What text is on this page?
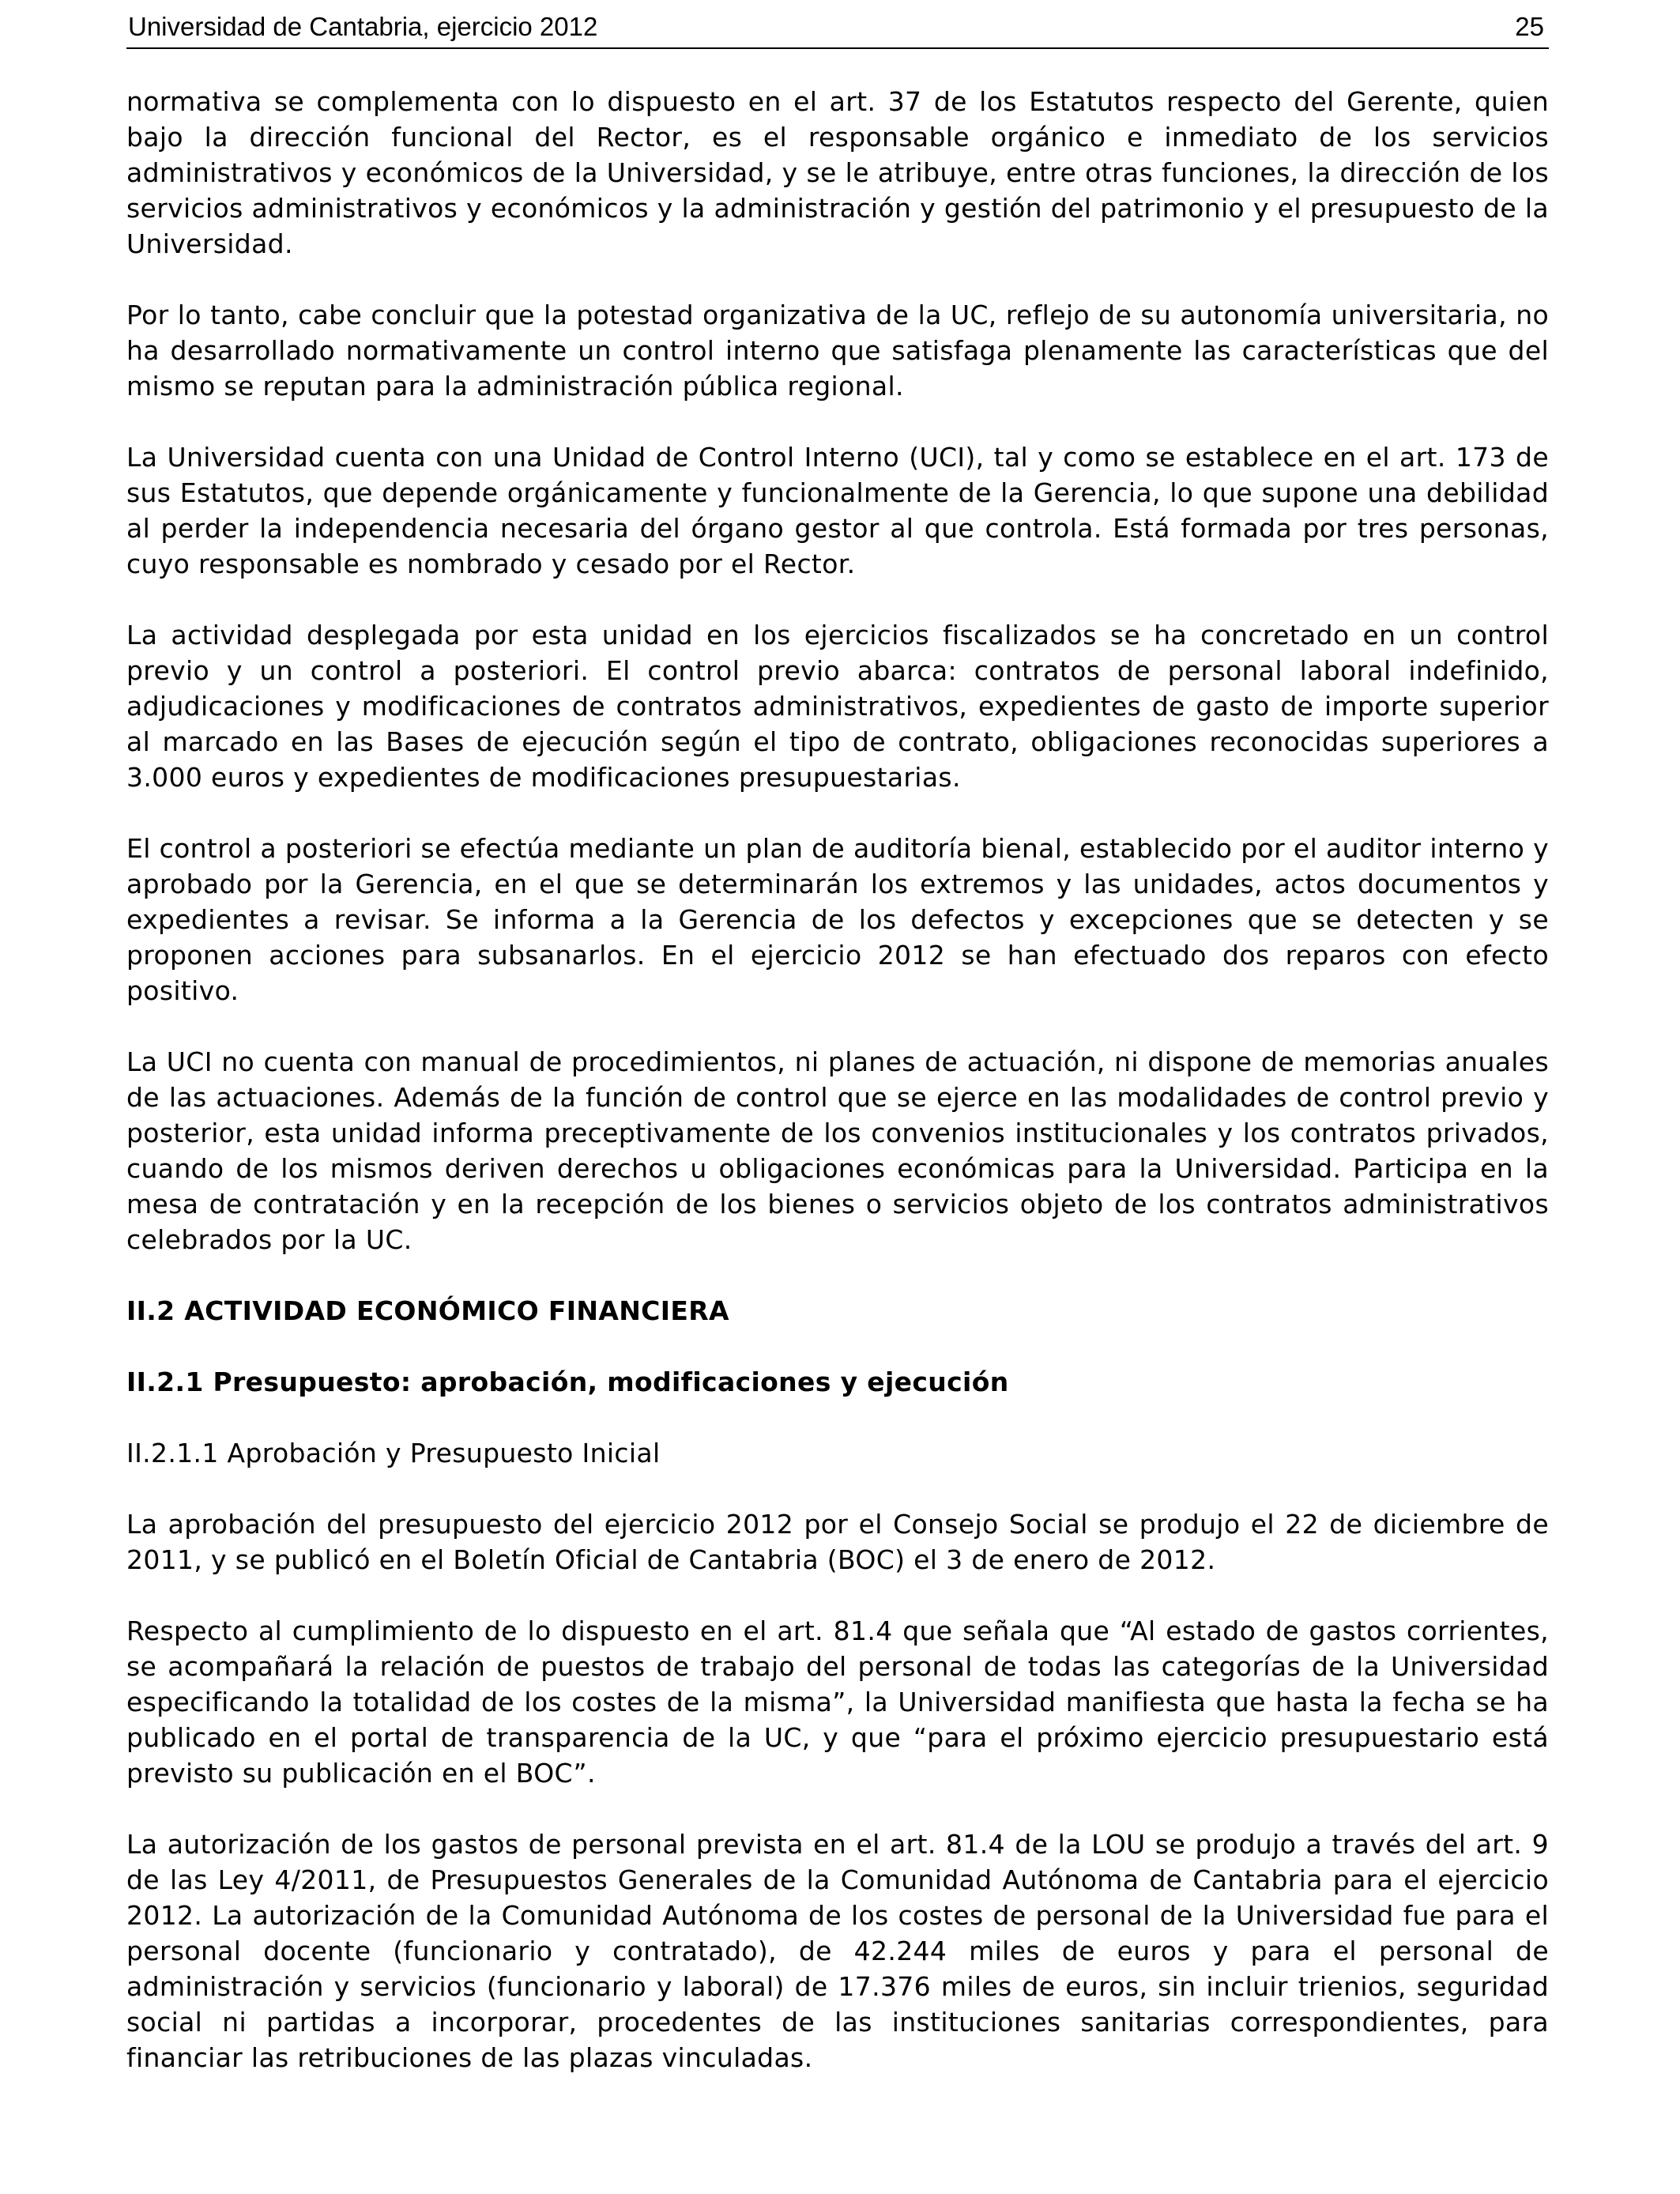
Universidad de Cantabria, ejercicio 2012	25

normativa se complementa con lo dispuesto en el art. 37 de los Estatutos respecto del Gerente, quien bajo la dirección funcional del Rector, es el responsable orgánico e inmediato de los servicios administrativos y económicos de la Universidad, y se le atribuye, entre otras funciones, la dirección de los servicios administrativos y económicos y la administración y gestión del patrimonio y el presupuesto de la Universidad.

Por lo tanto, cabe concluir que la potestad organizativa de la UC, reflejo de su autonomía universitaria, no ha desarrollado normativamente un control interno que satisfaga plenamente las características que del mismo se reputan para la administración pública regional.

La Universidad cuenta con una Unidad de Control Interno (UCI), tal y como se establece en el art. 173 de sus Estatutos, que depende orgánicamente y funcionalmente de la Gerencia, lo que supone una debilidad al perder la independencia necesaria del órgano gestor al que controla. Está formada por tres personas, cuyo responsable es nombrado y cesado por el Rector.

La actividad desplegada por esta unidad en los ejercicios fiscalizados se ha concretado en un control previo y un control a posteriori. El control previo abarca: contratos de personal laboral indefinido, adjudicaciones y modificaciones de contratos administrativos, expedientes de gasto de importe superior al marcado en las Bases de ejecución según el tipo de contrato, obligaciones reconocidas superiores a 3.000 euros y expedientes de modificaciones presupuestarias.

El control a posteriori se efectúa mediante un plan de auditoría bienal, establecido por el auditor interno y aprobado por la Gerencia, en el que se determinarán los extremos y las unidades, actos documentos y expedientes a revisar. Se informa a la Gerencia de los defectos y excepciones que se detecten y se proponen acciones para subsanarlos. En el ejercicio 2012 se han efectuado dos reparos con efecto positivo.

La UCI no cuenta con manual de procedimientos, ni planes de actuación, ni dispone de memorias anuales de las actuaciones. Además de la función de control que se ejerce en las modalidades de control previo y posterior, esta unidad informa preceptivamente de los convenios institucionales y los contratos privados, cuando de los mismos deriven derechos u obligaciones económicas para la Universidad. Participa en la mesa de contratación y en la recepción de los bienes o servicios objeto de los contratos administrativos celebrados por la UC.

II.2 ACTIVIDAD ECONÓMICO FINANCIERA
II.2.1 Presupuesto: aprobación, modificaciones y ejecución
II.2.1.1 Aprobación y Presupuesto Inicial

La aprobación del presupuesto del ejercicio 2012 por el Consejo Social se produjo el 22 de diciembre de 2011, y se publicó en el Boletín Oficial de Cantabria (BOC) el 3 de enero de 2012.

Respecto al cumplimiento de lo dispuesto en el art. 81.4 que señala que “Al estado de gastos corrientes, se acompañará la relación de puestos de trabajo del personal de todas las categorías de la Universidad especificando la totalidad de los costes de la misma”, la Universidad manifiesta que hasta la fecha se ha publicado en el portal de transparencia de la UC, y que “para el próximo ejercicio presupuestario está previsto su publicación en el BOC”.

La autorización de los gastos de personal prevista en el art. 81.4 de la LOU se produjo a través del art. 9 de las Ley 4/2011, de Presupuestos Generales de la Comunidad Autónoma de Cantabria para el ejercicio 2012. La autorización de la Comunidad Autónoma de los costes de personal de la Universidad fue para el personal docente (funcionario y contratado), de 42.244 miles de euros y para el personal de administración y servicios (funcionario y laboral) de 17.376 miles de euros, sin incluir trienios, seguridad social ni partidas a incorporar, procedentes de las instituciones sanitarias correspondientes, para financiar las retribuciones de las plazas vinculadas.
